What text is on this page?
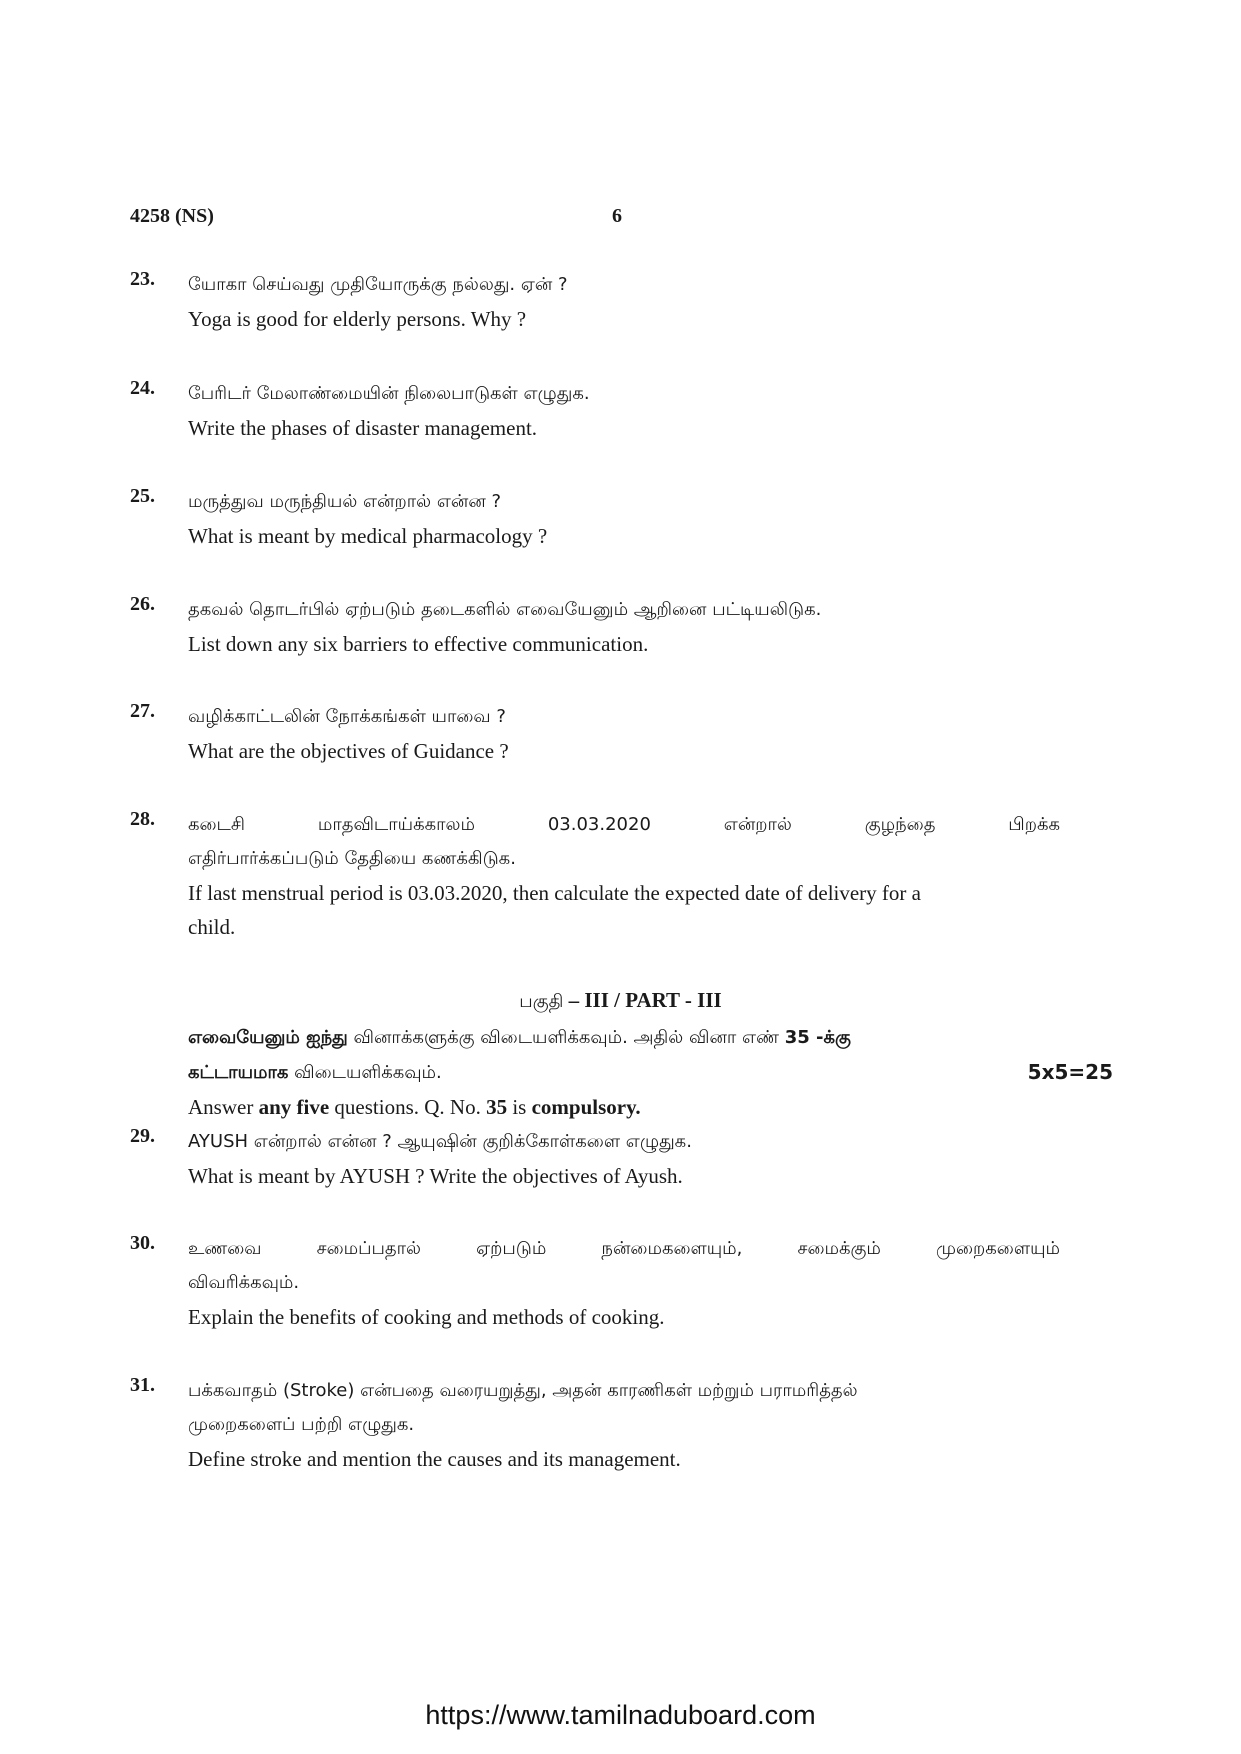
4258 (NS)	6
23.	யோகா செய்வது முதியோருக்கு நல்லது. ஏன் ?
Yoga is good for elderly persons. Why ?
24.	பேரிடர் மேலாண்மையின் நிலைபாடுகள் எழுதுக.
Write the phases of disaster management.
25.	மருத்துவ மருந்தியல் என்றால் என்ன ?
What is meant by medical pharmacology ?
26.	தகவல் தொடர்பில் ஏற்படும் தடைகளில் எவையேனும் ஆறினை பட்டியலிடுக.
List down any six barriers to effective communication.
27.	வழிக்காட்டலின் நோக்கங்கள் யாவை ?
What are the objectives of Guidance ?
28.	கடைசி மாதவிடாய்க்காலம் 03.03.2020 என்றால் குழந்தை பிறக்க
எதிர்பார்க்கப்படும் தேதியை கணக்கிடுக.
If last menstrual period is 03.03.2020, then calculate the expected date of delivery for a
child.
பகுதி – III / PART - III
எவையேனும் ஐந்து வினாக்களுக்கு விடையளிக்கவும். அதில் வினா எண் 35 -க்கு
கட்டாயமாக விடையளிக்கவும்.	5x5=25
Answer any five questions. Q. No. 35 is compulsory.
29.	AYUSH என்றால் என்ன ? ஆயுஷின் குறிக்கோள்களை எழுதுக.
What is meant by AYUSH ? Write the objectives of Ayush.
30.	உணவை சமைப்பதால் ஏற்படும் நன்மைகளையும், சமைக்கும் முறைகளையும்
விவரிக்கவும்.
Explain the benefits of cooking and methods of cooking.
31.	பக்கவாதம் (Stroke) என்பதை வரையறுத்து, அதன் காரணிகள் மற்றும் பராமரித்தல்
முறைகளைப் பற்றி எழுதுக.
Define stroke and mention the causes and its management.
https://www.tamilnaduboard.com
